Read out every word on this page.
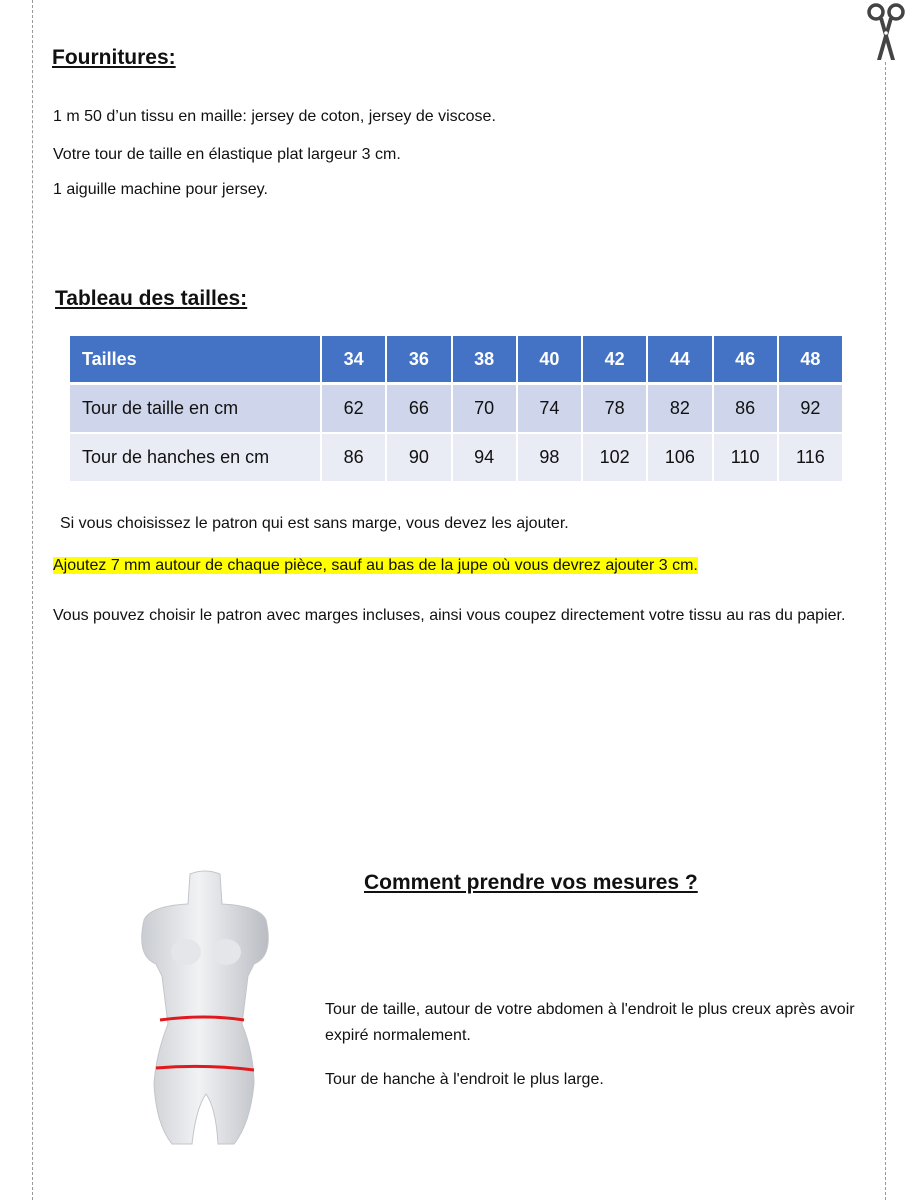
Fournitures:

1 m 50 d’un tissu en maille: jersey de coton, jersey de viscose.

Votre tour de taille en élastique plat largeur 3 cm.

1 aiguille machine pour jersey.

Tableau des tailles:
Tailles	34	36	38	40	42	44	46	48
Tour de taille en cm	62	66	70	74	78	82	86	92
Tour de hanches en cm	86	90	94	98	102	106	110	116

Si vous choisissez le patron qui est sans marge, vous devez les ajouter.

Ajoutez 7 mm autour de chaque pièce, sauf au bas de la jupe où vous devrez ajouter 3 cm.

Vous pouvez choisir le patron avec marges incluses, ainsi vous coupez directement votre tissu au ras du papier.

Comment prendre vos mesures ?

Tour de taille, autour de votre abdomen à l'endroit le plus creux après avoir expiré normalement.

Tour de hanche à l'endroit le plus large.
